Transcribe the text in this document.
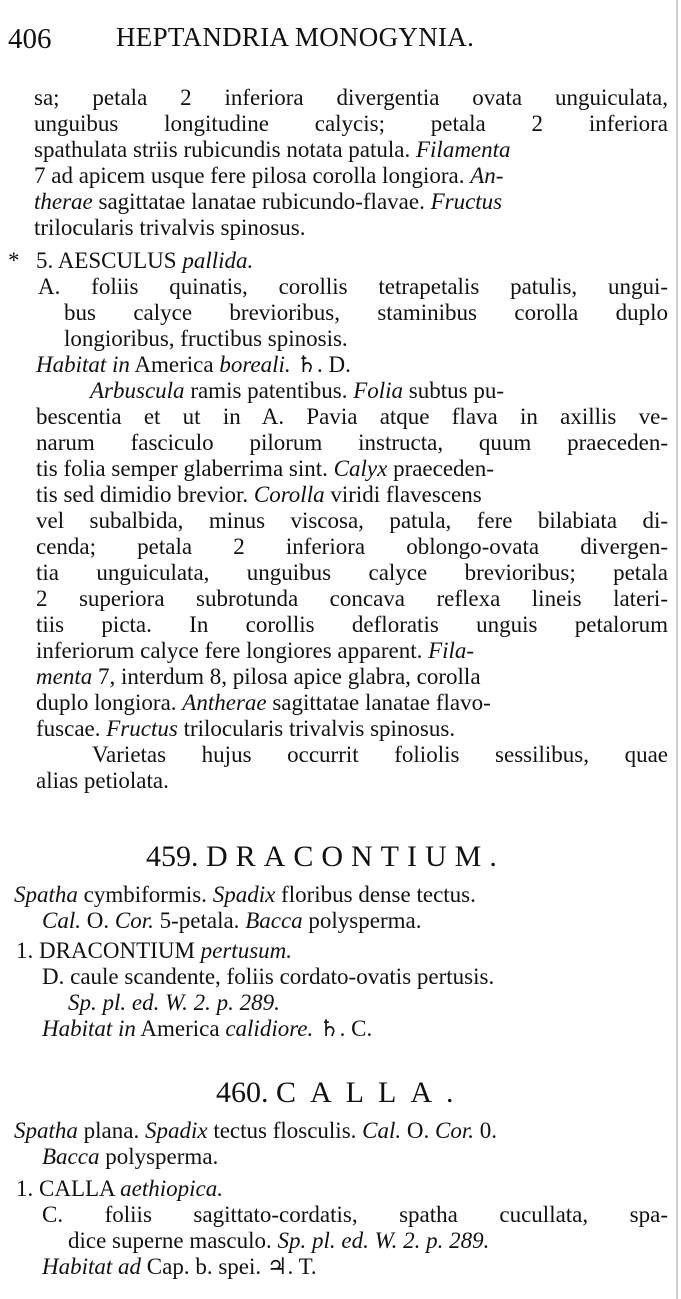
406 HEPTANDRIA MONOGYNIA.
sa; petala 2 inferiora divergentia ovata unguiculata,
unguibus longitudine calycis; petala 2 inferiora
spathulata striis rubicundis notata patula. Filamenta
7 ad apicem usque fere pilosa corolla longiora. An-
therae sagittatae lanatae rubicundo-flavae. Fructus
trilocularis trivalvis spinosus.
* 5. AESCULUS pallida.
A. foliis quinatis, corollis tetrapetalis patulis, ungui-
bus calyce brevioribus, staminibus corolla duplo
longioribus, fructibus spinosis.
Habitat in America boreali. ♄. D.
Arbuscula ramis patentibus. Folia subtus pu-
bescentia et ut in A. Pavia atque flava in axillis ve-
narum fasciculo pilorum instructa, quum praeceden-
tis folia semper glaberrima sint. Calyx praeceden-
tis sed dimidio brevior. Corolla viridi flavescens
vel subalbida, minus viscosa, patula, fere bilabiata di-
cenda; petala 2 inferiora oblongo-ovata divergen-
tia unguiculata, unguibus calyce brevioribus; petala
2 superiora subrotunda concava reflexa lineis lateri-
tiis picta. In corollis defloratis unguis petalorum
inferiorum calyce fere longiores apparent. Fila-
menta 7, interdum 8, pilosa apice glabra, corolla
duplo longiora. Antherae sagittatae lanatae flavo-
fuscae. Fructus trilocularis trivalvis spinosus.
Varietas hujus occurrit foliolis sessilibus, quae
alias petiolata.
459. DRACONTIUM.
Spatha cymbiformis. Spadix floribus dense tectus.
Cal. O. Cor. 5-petala. Bacca polysperma.
1. DRACONTIUM pertusum.
D. caule scandente, foliis cordato-ovatis pertusis.
Sp. pl. ed. W. 2. p. 289.
Habitat in America calidiore. ♄. C.
460. CALLA.
Spatha plana. Spadix tectus flosculis. Cal. O. Cor. 0.
Bacca polysperma.
1. CALLA aethiopica.
C. foliis sagittato-cordatis, spatha cucullata, spa-
dice superne masculo. Sp. pl. ed. W. 2. p. 289.
Habitat ad Cap. b. spei. ♃. T.
